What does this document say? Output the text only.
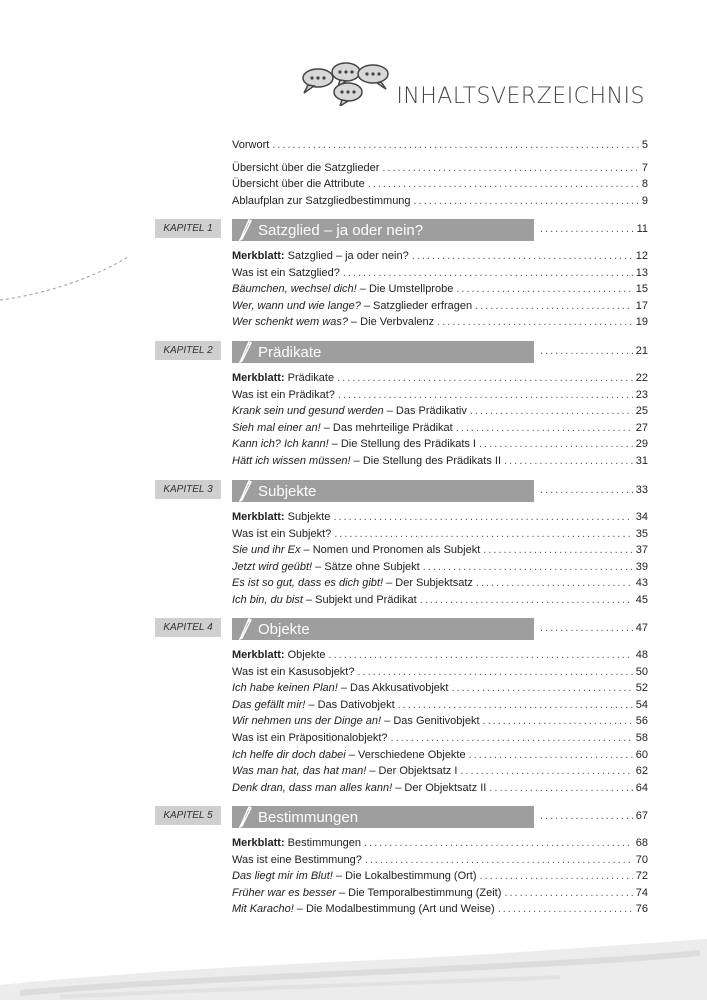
INHALTSVERZEICHNIS
Vorwort .....	5
Übersicht über die Satzglieder .....	7
Übersicht über die Attribute .....	8
Ablaufplan zur Satzgliedbestimmung .....	9
KAPITEL 1	Satzglied – ja oder nein? .....	11
Merkblatt: Satzglied – ja oder nein? .....	12
Was ist ein Satzglied? .....	13
Bäumchen, wechsel dich! – Die Umstellprobe .....	15
Wer, wann und wie lange? – Satzglieder erfragen .....	17
Wer schenkt wem was? – Die Verbvalenz .....	19
KAPITEL 2	Prädikate .....	21
Merkblatt: Prädikate .....	22
Was ist ein Prädikat? .....	23
Krank sein und gesund werden – Das Prädikativ .....	25
Sieh mal einer an! – Das mehrteilige Prädikat .....	27
Kann ich? Ich kann! – Die Stellung des Prädikats I .....	29
Hätt ich wissen müssen! – Die Stellung des Prädikats II .....	31
KAPITEL 3	Subjekte .....	33
Merkblatt: Subjekte .....	34
Was ist ein Subjekt? .....	35
Sie und ihr Ex – Nomen und Pronomen als Subjekt .....	37
Jetzt wird geübt! – Sätze ohne Subjekt .....	39
Es ist so gut, dass es dich gibt! – Der Subjektsatz .....	43
Ich bin, du bist – Subjekt und Prädikat .....	45
KAPITEL 4	Objekte .....	47
Merkblatt: Objekte .....	48
Was ist ein Kasusobjekt? .....	50
Ich habe keinen Plan! – Das Akkusativobjekt .....	52
Das gefällt mir! – Das Dativobjekt .....	54
Wir nehmen uns der Dinge an! – Das Genitivobjekt .....	56
Was ist ein Präpositionalobjekt? .....	58
Ich helfe dir doch dabei – Verschiedene Objekte .....	60
Was man hat, das hat man! – Der Objektsatz I .....	62
Denk dran, dass man alles kann! – Der Objektsatz II .....	64
KAPITEL 5	Bestimmungen .....	67
Merkblatt: Bestimmungen .....	68
Was ist eine Bestimmung? .....	70
Das liegt mir im Blut! – Die Lokalbestimmung (Ort) .....	72
Früher war es besser – Die Temporalbestimmung (Zeit) .....	74
Mit Karacho! – Die Modalbestimmung (Art und Weise) .....	76
